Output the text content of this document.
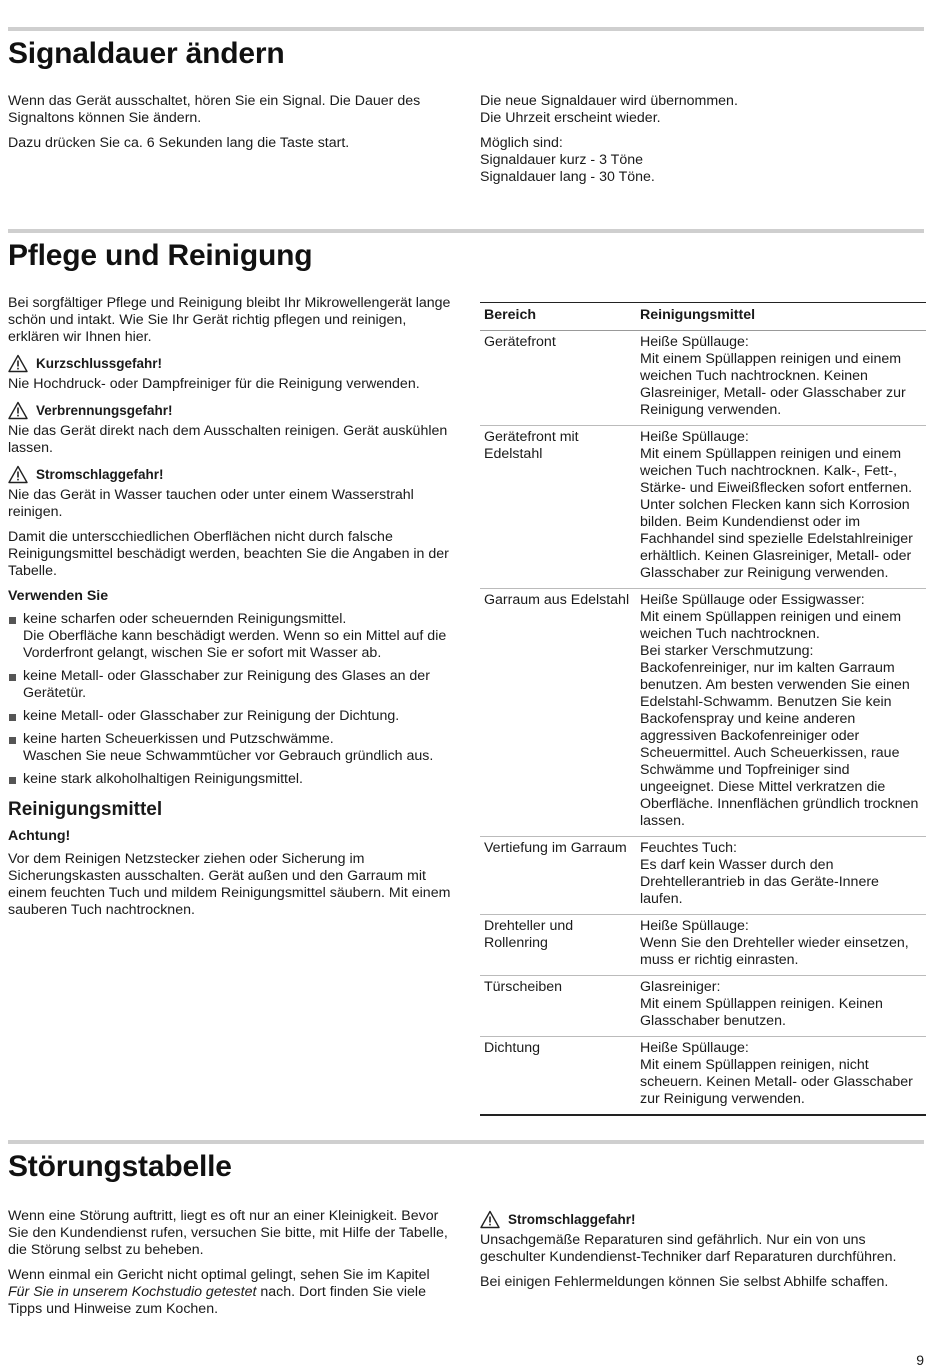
Signaldauer ändern

Wenn das Gerät ausschaltet, hören Sie ein Signal. Die Dauer des Signaltons können Sie ändern.

Dazu drücken Sie ca. 6 Sekunden lang die Taste start.

Die neue Signaldauer wird übernommen.
Die Uhrzeit erscheint wieder.

Möglich sind:
Signaldauer kurz - 3 Töne
Signaldauer lang - 30 Töne.

Pflege und Reinigung

Bei sorgfältiger Pflege und Reinigung bleibt Ihr Mikrowellengerät lange schön und intakt. Wie Sie Ihr Gerät richtig pflegen und reinigen, erklären wir Ihnen hier.

Kurzschlussgefahr!

Nie Hochdruck- oder Dampfreiniger für die Reinigung verwenden.

Verbrennungsgefahr!

Nie das Gerät direkt nach dem Ausschalten reinigen. Gerät auskühlen lassen.

Stromschlaggefahr!

Nie das Gerät in Wasser tauchen oder unter einem Wasserstrahl reinigen.

Damit die unterscchiedlichen Oberflächen nicht durch falsche Reinigungsmittel beschädigt werden, beachten Sie die Angaben in der Tabelle.

Verwenden Sie
keine scharfen oder scheuernden Reinigungsmittel.
Die Oberfläche kann beschädigt werden. Wenn so ein Mittel auf die Vorderfront gelangt, wischen Sie er sofort mit Wasser ab.
keine Metall- oder Glasschaber zur Reinigung des Glases an der Gerätetür.
keine Metall- oder Glasschaber zur Reinigung der Dichtung.
keine harten Scheuerkissen und Putzschwämme.
Waschen Sie neue Schwammtücher vor Gebrauch gründlich aus.
keine stark alkoholhaltigen Reinigungsmittel.
Reinigungsmittel
Achtung!

Vor dem Reinigen Netzstecker ziehen oder Sicherung im Sicherungskasten ausschalten. Gerät außen und den Garraum mit einem feuchten Tuch und mildem Reinigungsmittel säubern. Mit einem sauberen Tuch nachtrocknen.

Bereich	Reinigungsmittel
Gerätefront	Heiße Spüllauge:
Mit einem Spüllappen reinigen und einem weichen Tuch nachtrocknen. Keinen Glasreiniger, Metall- oder Glasschaber zur Reinigung verwenden.
Gerätefront mit Edelstahl	Heiße Spüllauge:
Mit einem Spüllappen reinigen und einem weichen Tuch nachtrocknen. Kalk-, Fett-, Stärke- und Eiweißflecken sofort entfernen. Unter solchen Flecken kann sich Korrosion bilden. Beim Kundendienst oder im Fachhandel sind spezielle Edelstahlreiniger erhältlich. Keinen Glasreiniger, Metall- oder Glasschaber zur Reinigung verwenden.
Garraum aus Edelstahl	Heiße Spüllauge oder Essigwasser:
Mit einem Spüllappen reinigen und einem weichen Tuch nachtrocknen.
Bei starker Verschmutzung: Backofenreiniger, nur im kalten Garraum benutzen. Am besten verwenden Sie einen Edelstahl-Schwamm. Benutzen Sie kein Backofenspray und keine anderen aggressiven Backofenreiniger oder Scheuermittel. Auch Scheuerkissen, raue Schwämme und Topfreiniger sind ungeeignet. Diese Mittel verkratzen die Oberfläche. Innenflächen gründlich trocknen lassen.
Vertiefung im Garraum	Feuchtes Tuch:
Es darf kein Wasser durch den Drehtellerantrieb in das Geräte-Innere laufen.
Drehteller und Rollenring	Heiße Spüllauge:
Wenn Sie den Drehteller wieder einsetzen, muss er richtig einrasten.
Türscheiben	Glasreiniger:
Mit einem Spüllappen reinigen. Keinen Glasschaber benutzen.
Dichtung	Heiße Spüllauge:
Mit einem Spüllappen reinigen, nicht scheuern. Keinen Metall- oder Glasschaber zur Reinigung verwenden.
Störungstabelle

Wenn eine Störung auftritt, liegt es oft nur an einer Kleinigkeit. Bevor Sie den Kundendienst rufen, versuchen Sie bitte, mit Hilfe der Tabelle, die Störung selbst zu beheben.

Wenn einmal ein Gericht nicht optimal gelingt, sehen Sie im Kapitel Für Sie in unserem Kochstudio getestet nach. Dort finden Sie viele Tipps und Hinweise zum Kochen.

Stromschlaggefahr!

Unsachgemäße Reparaturen sind gefährlich. Nur ein von uns geschulter Kundendienst-Techniker darf Reparaturen durchführen.

Bei einigen Fehlermeldungen können Sie selbst Abhilfe schaffen.

9
